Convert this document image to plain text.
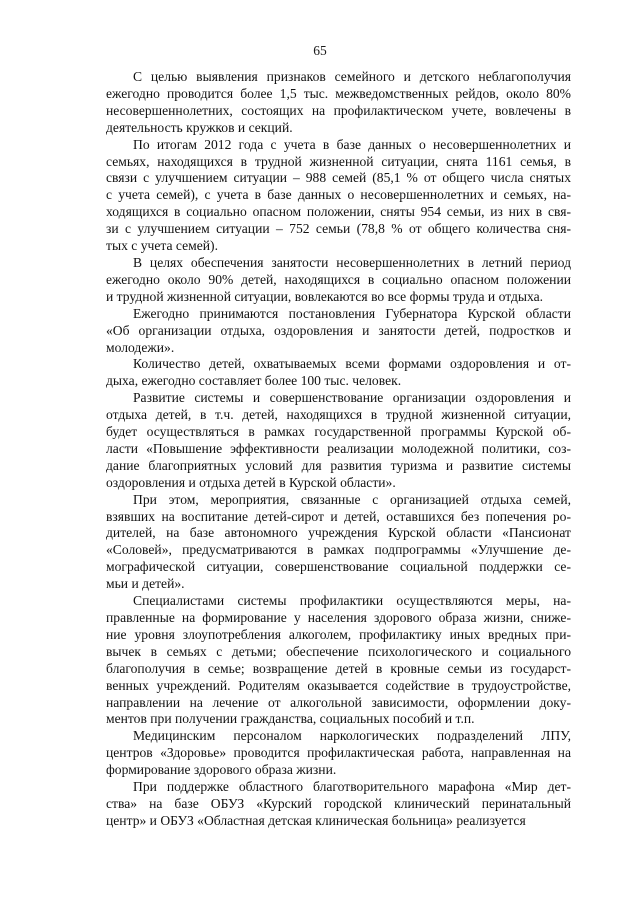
65
С целью выявления признаков семейного и детского неблагополучия
ежегодно проводится более 1,5 тыс. межведомственных рейдов, около 80%
несовершеннолетних, состоящих на профилактическом учете, вовлечены в
деятельность кружков и секций.
По итогам 2012 года с учета в базе данных о несовершеннолетних и
семьях, находящихся в трудной жизненной ситуации, снята 1161 семья, в
связи с улучшением ситуации – 988 семей (85,1 % от общего числа снятых
с учета семей), с учета в базе данных о несовершеннолетних и семьях, на-
ходящихся в социально опасном положении, сняты 954 семьи, из них в свя-
зи с улучшением ситуации – 752 семьи (78,8 % от общего количества сня-
тых с учета семей).
В целях обеспечения занятости несовершеннолетних в летний период
ежегодно около 90% детей, находящихся в социально опасном положении
и трудной жизненной ситуации, вовлекаются во все формы труда и отдыха.
Ежегодно принимаются постановления Губернатора Курской области
«Об организации отдыха, оздоровления и занятости детей, подростков и
молодежи».
Количество детей, охватываемых всеми формами оздоровления и от-
дыха, ежегодно составляет более 100 тыс. человек.
Развитие системы и совершенствование организации оздоровления и
отдыха детей, в т.ч. детей, находящихся в трудной жизненной ситуации,
будет осуществляться в рамках государственной программы Курской об-
ласти «Повышение эффективности реализации молодежной политики, соз-
дание благоприятных условий для развития туризма и развитие системы
оздоровления и отдыха детей в Курской области».
При этом, мероприятия, связанные с организацией отдыха семей,
взявших на воспитание детей-сирот и детей, оставшихся без попечения ро-
дителей, на базе автономного учреждения Курской области «Пансионат
«Соловей», предусматриваются в рамках подпрограммы «Улучшение де-
мографической ситуации, совершенствование социальной поддержки се-
мьи и детей».
Специалистами системы профилактики осуществляются меры, на-
правленные на формирование у населения здорового образа жизни, сниже-
ние уровня злоупотребления алкоголем, профилактику иных вредных при-
вычек в семьях с детьми; обеспечение психологического и социального
благополучия в семье; возвращение детей в кровные семьи из государст-
венных учреждений. Родителям оказывается содействие в трудоустройстве,
направлении на лечение от алкогольной зависимости, оформлении доку-
ментов при получении гражданства, социальных пособий и т.п.
Медицинским персоналом наркологических подразделений ЛПУ,
центров «Здоровье» проводится профилактическая работа, направленная на
формирование здорового образа жизни.
При поддержке областного благотворительного марафона «Мир дет-
ства» на базе ОБУЗ «Курский городской клинический перинатальный
центр» и ОБУЗ «Областная детская клиническая больница» реализуется
